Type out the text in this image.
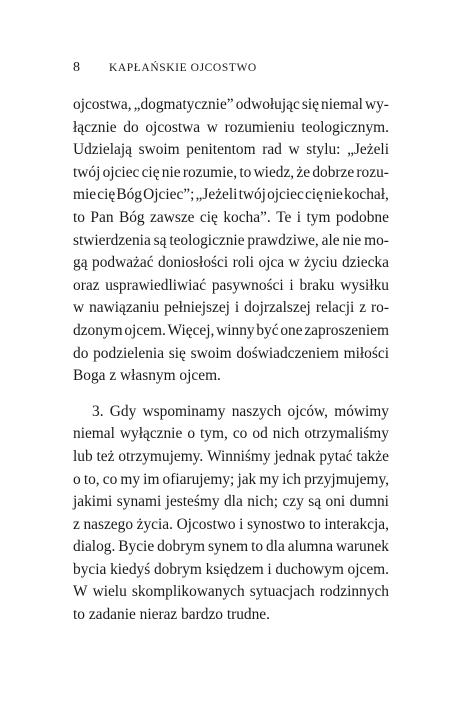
8	KAPŁAŃSKIE OJCOSTWO
ojcostwa, „dogmatycznie” odwołując się niemal wy-
łącznie do ojcostwa w rozumieniu teologicznym.
Udzielają swoim penitentom rad w stylu: „Jeżeli
twój ojciec cię nie rozumie, to wiedz, że dobrze rozu-
mie cię Bóg Ojciec”; „Jeżeli twój ojciec cię nie kochał,
to Pan Bóg zawsze cię kocha”. Te i tym podobne
stwierdzenia są teologicznie prawdziwe, ale nie mo-
gą podważać doniosłości roli ojca w życiu dziecka
oraz usprawiedliwiać pasywności i braku wysiłku
w nawiązaniu pełniejszej i dojrzalszej relacji z ro-
dzonym ojcem. Więcej, winny być one zaproszeniem
do podzielenia się swoim doświadczeniem miłości
Boga z własnym ojcem.
3. Gdy wspominamy naszych ojców, mówimy
niemal wyłącznie o tym, co od nich otrzymaliśmy
lub też otrzymujemy. Winniśmy jednak pytać także
o to, co my im ofiarujemy; jak my ich przyjmujemy,
jakimi synami jesteśmy dla nich; czy są oni dumni
z naszego życia. Ojcostwo i synostwo to interakcja,
dialog. Bycie dobrym synem to dla alumna warunek
bycia kiedyś dobrym księdzem i duchowym ojcem.
W wielu skomplikowanych sytuacjach rodzinnych
to zadanie nieraz bardzo trudne.
